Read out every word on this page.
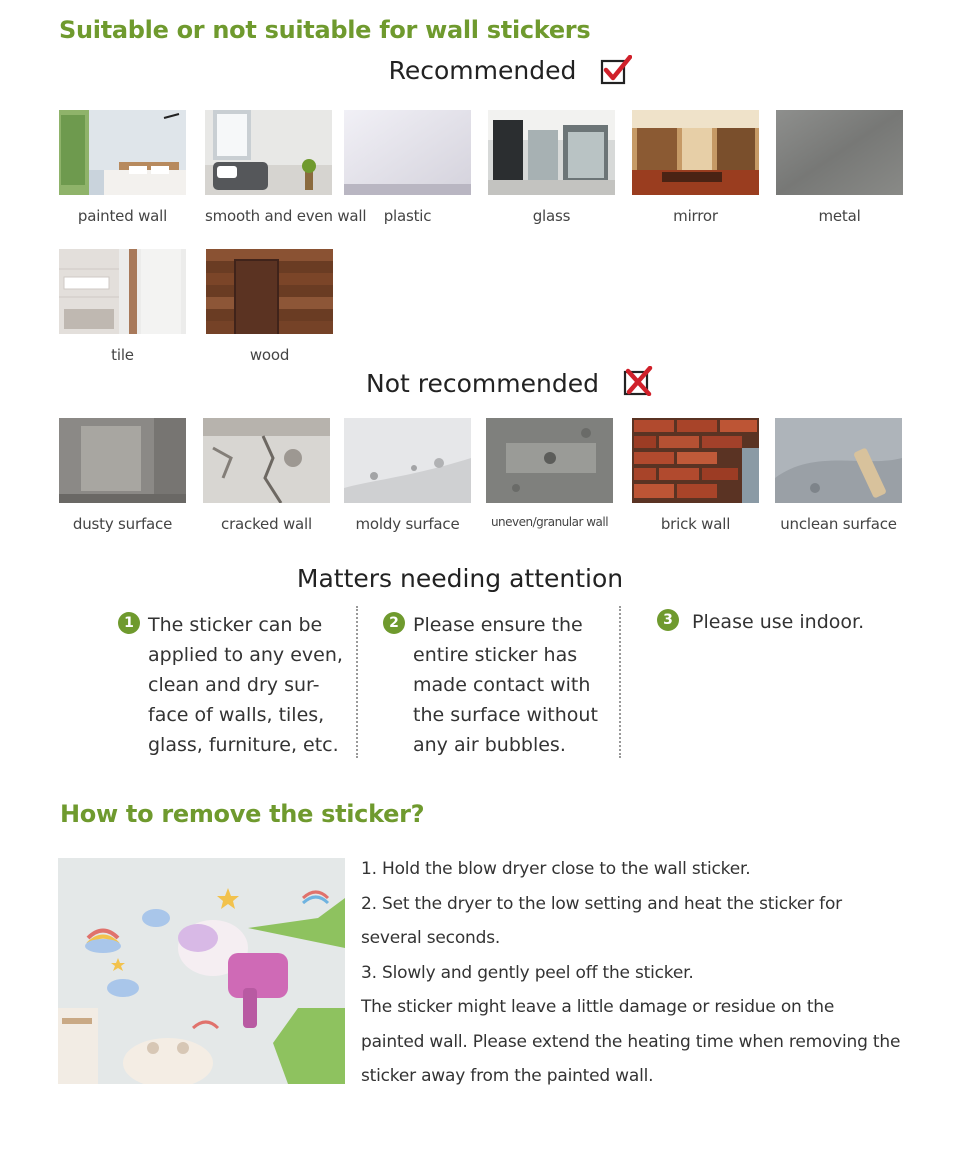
Suitable or not suitable for wall stickers
Recommended
painted wall	smooth and even wall	plastic	glass	mirror	metal
tile	wood
Not recommended
dusty surface	cracked wall	moldy surface	uneven/granular wall	brick wall	unclean surface
Matters needing attention
1 The sticker can be
applied to any even,
clean and dry sur-
face of walls, tiles,
glass, furniture, etc.
2 Please ensure the
entire sticker has
made contact with
the surface without
any air bubbles.
3	Please use indoor.
How to remove the sticker?

1. Hold the blow dryer close to the wall sticker.

2. Set the dryer to the low setting and heat the sticker for several seconds.

3. Slowly and gently peel off the sticker.

The sticker might leave a little damage or residue on the painted wall. Please extend the heating time when removing the sticker away from the painted wall.
